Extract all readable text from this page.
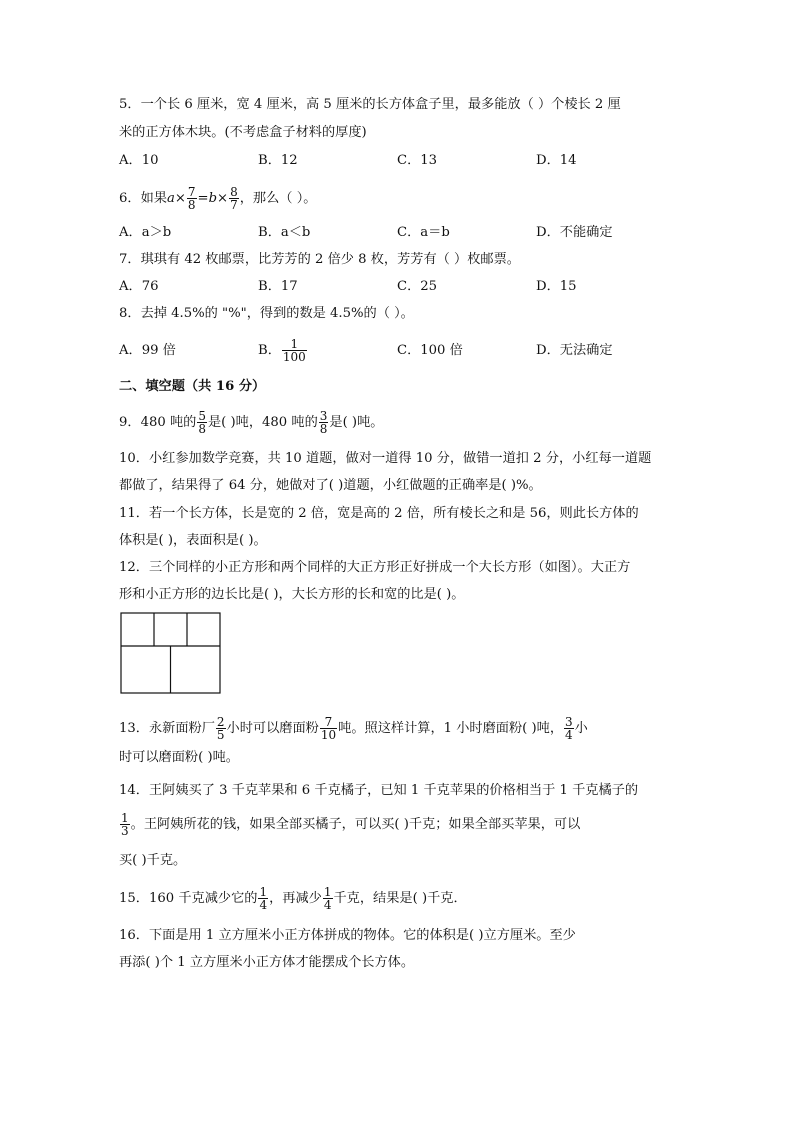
5．一个长 6 厘米，宽 4 厘米，高 5 厘米的长方体盒子里，最多能放（ ）个棱长 2 厘
米的正方体木块。(不考虑盒子材料的厚度)
A．10	B．12	C．13	D．14
6．如果$a\times \frac{7}{8} =b\times \frac{8}{7}$ ，那么（ ）。
A．a＞b	B．a＜b	C．a＝b	D．不能确定
7．琪琪有 42 枚邮票，比芳芳的 2 倍少 8 枚，芳芳有（ ）枚邮票。
A．76	B．17	C．25	D．15
8．去掉 4.5%的 "%"，得到的数是 4.5%的（ ）。
A．99 倍	B． $\frac{1}{100}$	C．100 倍	D．无法确定
二、填空题（共 16 分）
9．480 吨的 $\frac{5}{8}$ 是( )吨，480 吨的 $\frac{3}{8}$ 是( )吨。
10．小红参加数学竞赛，共 10 道题，做对一道得 10 分，做错一道扣 2 分，小红每一道题
都做了，结果得了 64 分，她做对了( )道题，小红做题的正确率是( )%。
11．若一个长方体，长是宽的 2 倍，宽是高的 2 倍，所有棱长之和是 56，则此长方体的
体积是( )，表面积是( )。
12．三个同样的小正方形和两个同样的大正方形正好拼成一个大长方形（如图）。大正方
形和小正方形的边长比是( )，大长方形的长和宽的比是( )。
13．永新面粉厂 $\frac{2}{5}$ 小时可以磨面粉 $\frac{7}{10}$ 吨。照这样计算，1 小时磨面粉( )吨， $\frac{3}{4}$ 小
时可以磨面粉( )吨。
14．王阿姨买了 3 千克苹果和 6 千克橘子，已知 1 千克苹果的价格相当于 1 千克橘子的
$\frac{1}{3}$ 。王阿姨所花的钱，如果全部买橘子，可以买( )千克；如果全部买苹果，可以
买( )千克。
15．160 千克减少它的 $\frac{1}{4}$ ，再减少 $\frac{1}{4}$ 千克，结果是( )千克．
16．下面是用 1 立方厘米小正方体拼成的物体。它的体积是( )立方厘米。至少
再添( )个 1 立方厘米小正方体才能摆成个长方体。
